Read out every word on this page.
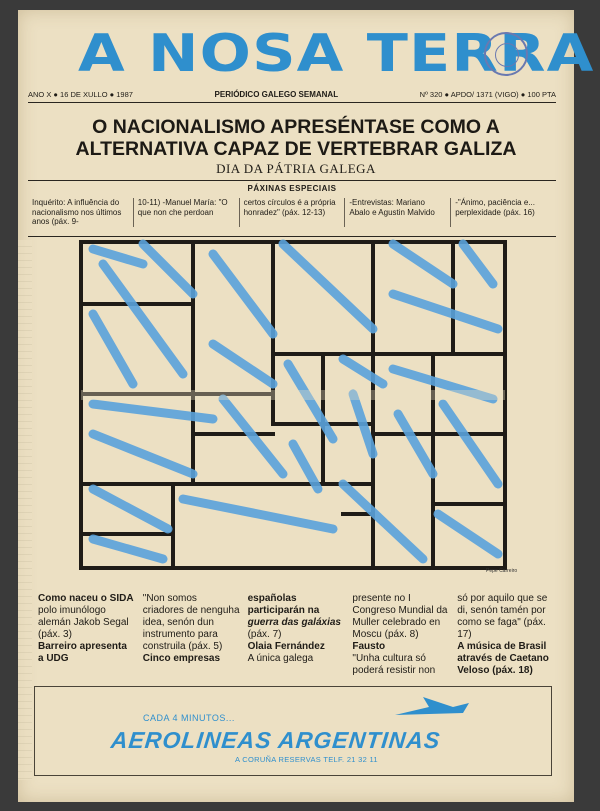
A NOSA TERRA
ANO X ● 16 DE XULLO ● 1987	PERIÓDICO GALEGO SEMANAL	Nº 320 ● APDO/ 1371 (VIGO) ● 100 PTA
O NACIONALISMO APRESÉNTASE COMO A
ALTERNATIVA CAPAZ DE VERTEBRAR GALIZA
DIA DA PÁTRIA GALEGA
PÁXINAS ESPECIAIS

Inquérito: A influência do nacionalismo nos últimos anos (páx. 9-

10-11) -Manuel María: "O que non che perdoan

certos círculos é a própria honradez" (páx. 12-13)

-Entrevistas: Mariano Abalo e Agustin Malvido

-"Ánimo, paciência e... perplexidade (páx. 16)

Pepe Carreiro

Como naceu o SIDA

polo imunólogo alemán Jakob Segal (páx. 3)

Barreiro apresenta a UDG

"Non somos criadores de nenguha idea, senón dun instrumento para construila (páx. 5)

Cinco empresas

españolas participarán na

guerra das galáxias (páx. 7)

Olaia Fernández

A única galega

presente no I Congreso Mundial da Muller celebrado en Moscu (páx. 8)

Fausto

"Unha cultura só poderá resistir non

só por aquilo que se di, senón tamén por como se faga" (páx. 17)

A música de Brasil através de Caetano Veloso (páx. 18)

CADA 4 MINUTOS...
AEROLINEAS ARGENTINAS
A CORUÑA RESERVAS TELF. 21 32 11
